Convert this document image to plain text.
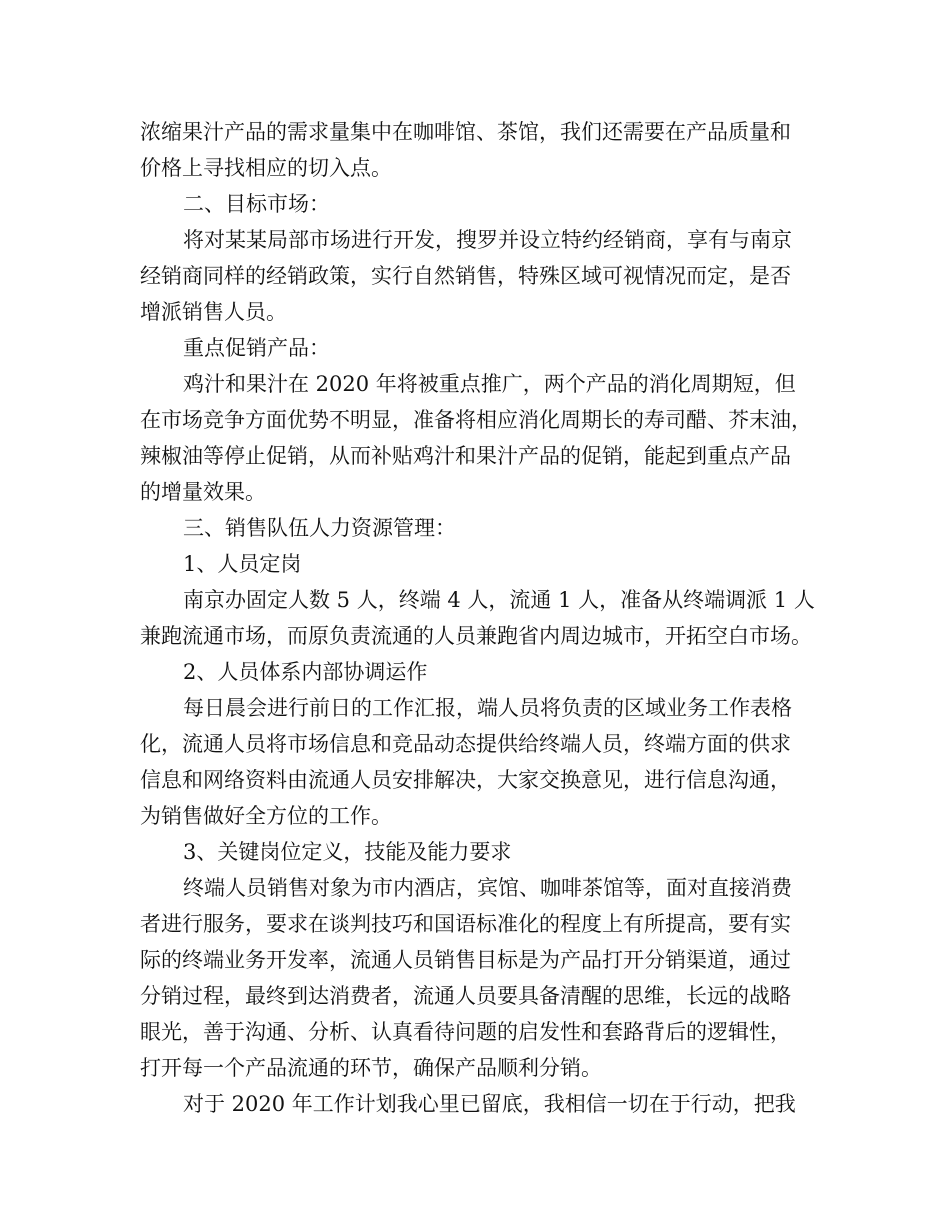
浓缩果汁产品的需求量集中在咖啡馆、茶馆，我们还需要在产品质量和
价格上寻找相应的切入点。
二、目标市场：
将对某某局部市场进行开发，搜罗并设立特约经销商，享有与南京
经销商同样的经销政策，实行自然销售，特殊区域可视情况而定，是否
增派销售人员。
重点促销产品：
鸡汁和果汁在 2020 年将被重点推广，两个产品的消化周期短，但
在市场竞争方面优势不明显，准备将相应消化周期长的寿司醋、芥末油，
辣椒油等停止促销，从而补贴鸡汁和果汁产品的促销，能起到重点产品
的增量效果。
三、销售队伍人力资源管理：
1、人员定岗
南京办固定人数 5 人，终端 4 人，流通 1 人，准备从终端调派 1 人
兼跑流通市场，而原负责流通的人员兼跑省内周边城市，开拓空白市场。
2、人员体系内部协调运作
每日晨会进行前日的工作汇报，端人员将负责的区域业务工作表格
化，流通人员将市场信息和竞品动态提供给终端人员，终端方面的供求
信息和网络资料由流通人员安排解决，大家交换意见，进行信息沟通，
为销售做好全方位的工作。
3、关键岗位定义，技能及能力要求
终端人员销售对象为市内酒店，宾馆、咖啡茶馆等，面对直接消费
者进行服务，要求在谈判技巧和国语标准化的程度上有所提高，要有实
际的终端业务开发率，流通人员销售目标是为产品打开分销渠道，通过
分销过程，最终到达消费者，流通人员要具备清醒的思维，长远的战略
眼光，善于沟通、分析、认真看待问题的启发性和套路背后的逻辑性，
打开每一个产品流通的环节，确保产品顺利分销。
对于 2020 年工作计划我心里已留底，我相信一切在于行动，把我
